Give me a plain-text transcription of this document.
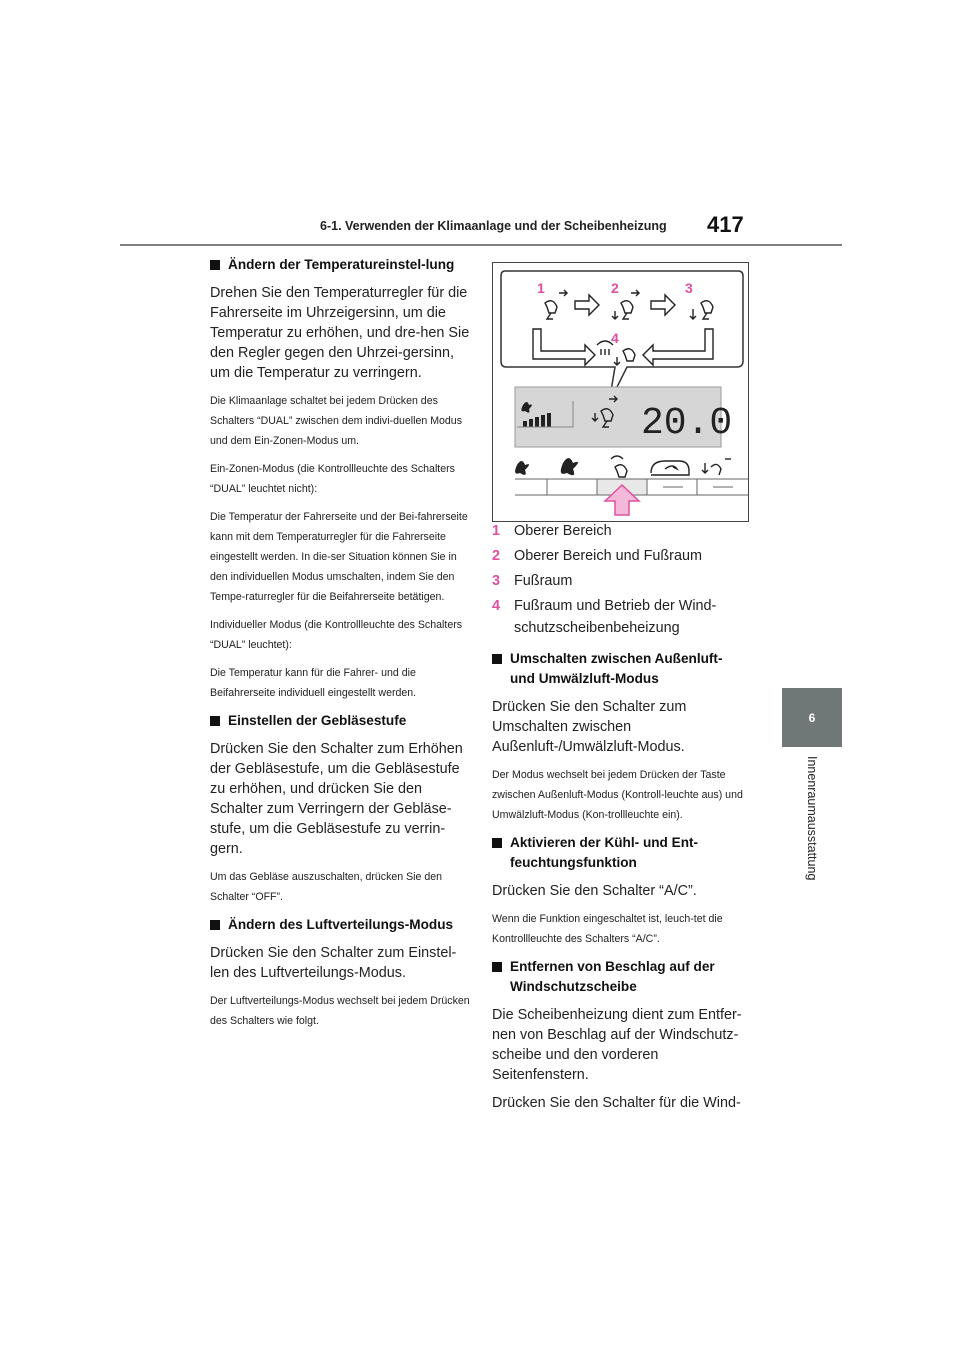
6-1. Verwenden der Klimaanlage und der Scheibenheizung	417
6
Innenraumausstattung
Ändern der Temperatureinstel-lung

Drehen Sie den Temperaturregler für die Fahrerseite im Uhrzeigersinn, um die Temperatur zu erhöhen, und dre-hen Sie den Regler gegen den Uhrzei-gersinn, um die Temperatur zu verringern.

Die Klimaanlage schaltet bei jedem Drücken des Schalters “DUAL” zwischen dem indivi-duellen Modus und dem Ein-Zonen-Modus um.

Ein-Zonen-Modus (die Kontrollleuchte des Schalters “DUAL” leuchtet nicht):

Die Temperatur der Fahrerseite und der Bei-fahrerseite kann mit dem Temperaturregler für die Fahrerseite eingestellt werden. In die-ser Situation können Sie in den individuellen Modus umschalten, indem Sie den Tempe-raturregler für die Beifahrerseite betätigen.

Individueller Modus (die Kontrollleuchte des Schalters “DUAL” leuchtet):

Die Temperatur kann für die Fahrer- und die Beifahrerseite individuell eingestellt werden.

Einstellen der Gebläsestufe

Drücken Sie den Schalter zum Erhöhen der Gebläsestufe, um die Gebläsestufe zu erhöhen, und drücken Sie den Schalter zum Verringern der Gebläse-stufe, um die Gebläsestufe zu verrin-gern.

Um das Gebläse auszuschalten, drücken Sie den Schalter “OFF”.

Ändern des Luftverteilungs-Modus

Drücken Sie den Schalter zum Einstel-len des Luftverteilungs-Modus.

Der Luftverteilungs-Modus wechselt bei jedem Drücken des Schalters wie folgt.

1	2	3
4
20.0
1 Oberer Bereich
2 Oberer Bereich und Fußraum
3 Fußraum
4 Fußraum und Betrieb der Wind-schutzscheibenbeheizung
Umschalten zwischen Außenluft- und Umwälzluft-Modus

Drücken Sie den Schalter zum Umschalten zwischen Außenluft-/Umwälzluft-Modus.

Der Modus wechselt bei jedem Drücken der Taste zwischen Außenluft-Modus (Kontroll-leuchte aus) und Umwälzluft-Modus (Kon-trollleuchte ein).

Aktivieren der Kühl- und Ent-feuchtungsfunktion

Drücken Sie den Schalter “A/C”.

Wenn die Funktion eingeschaltet ist, leuch-tet die Kontrollleuchte des Schalters “A/C”.

Entfernen von Beschlag auf der Windschutzscheibe

Die Scheibenheizung dient zum Entfer-nen von Beschlag auf der Windschutz-scheibe und den vorderen Seitenfenstern.

Drücken Sie den Schalter für die Wind-
